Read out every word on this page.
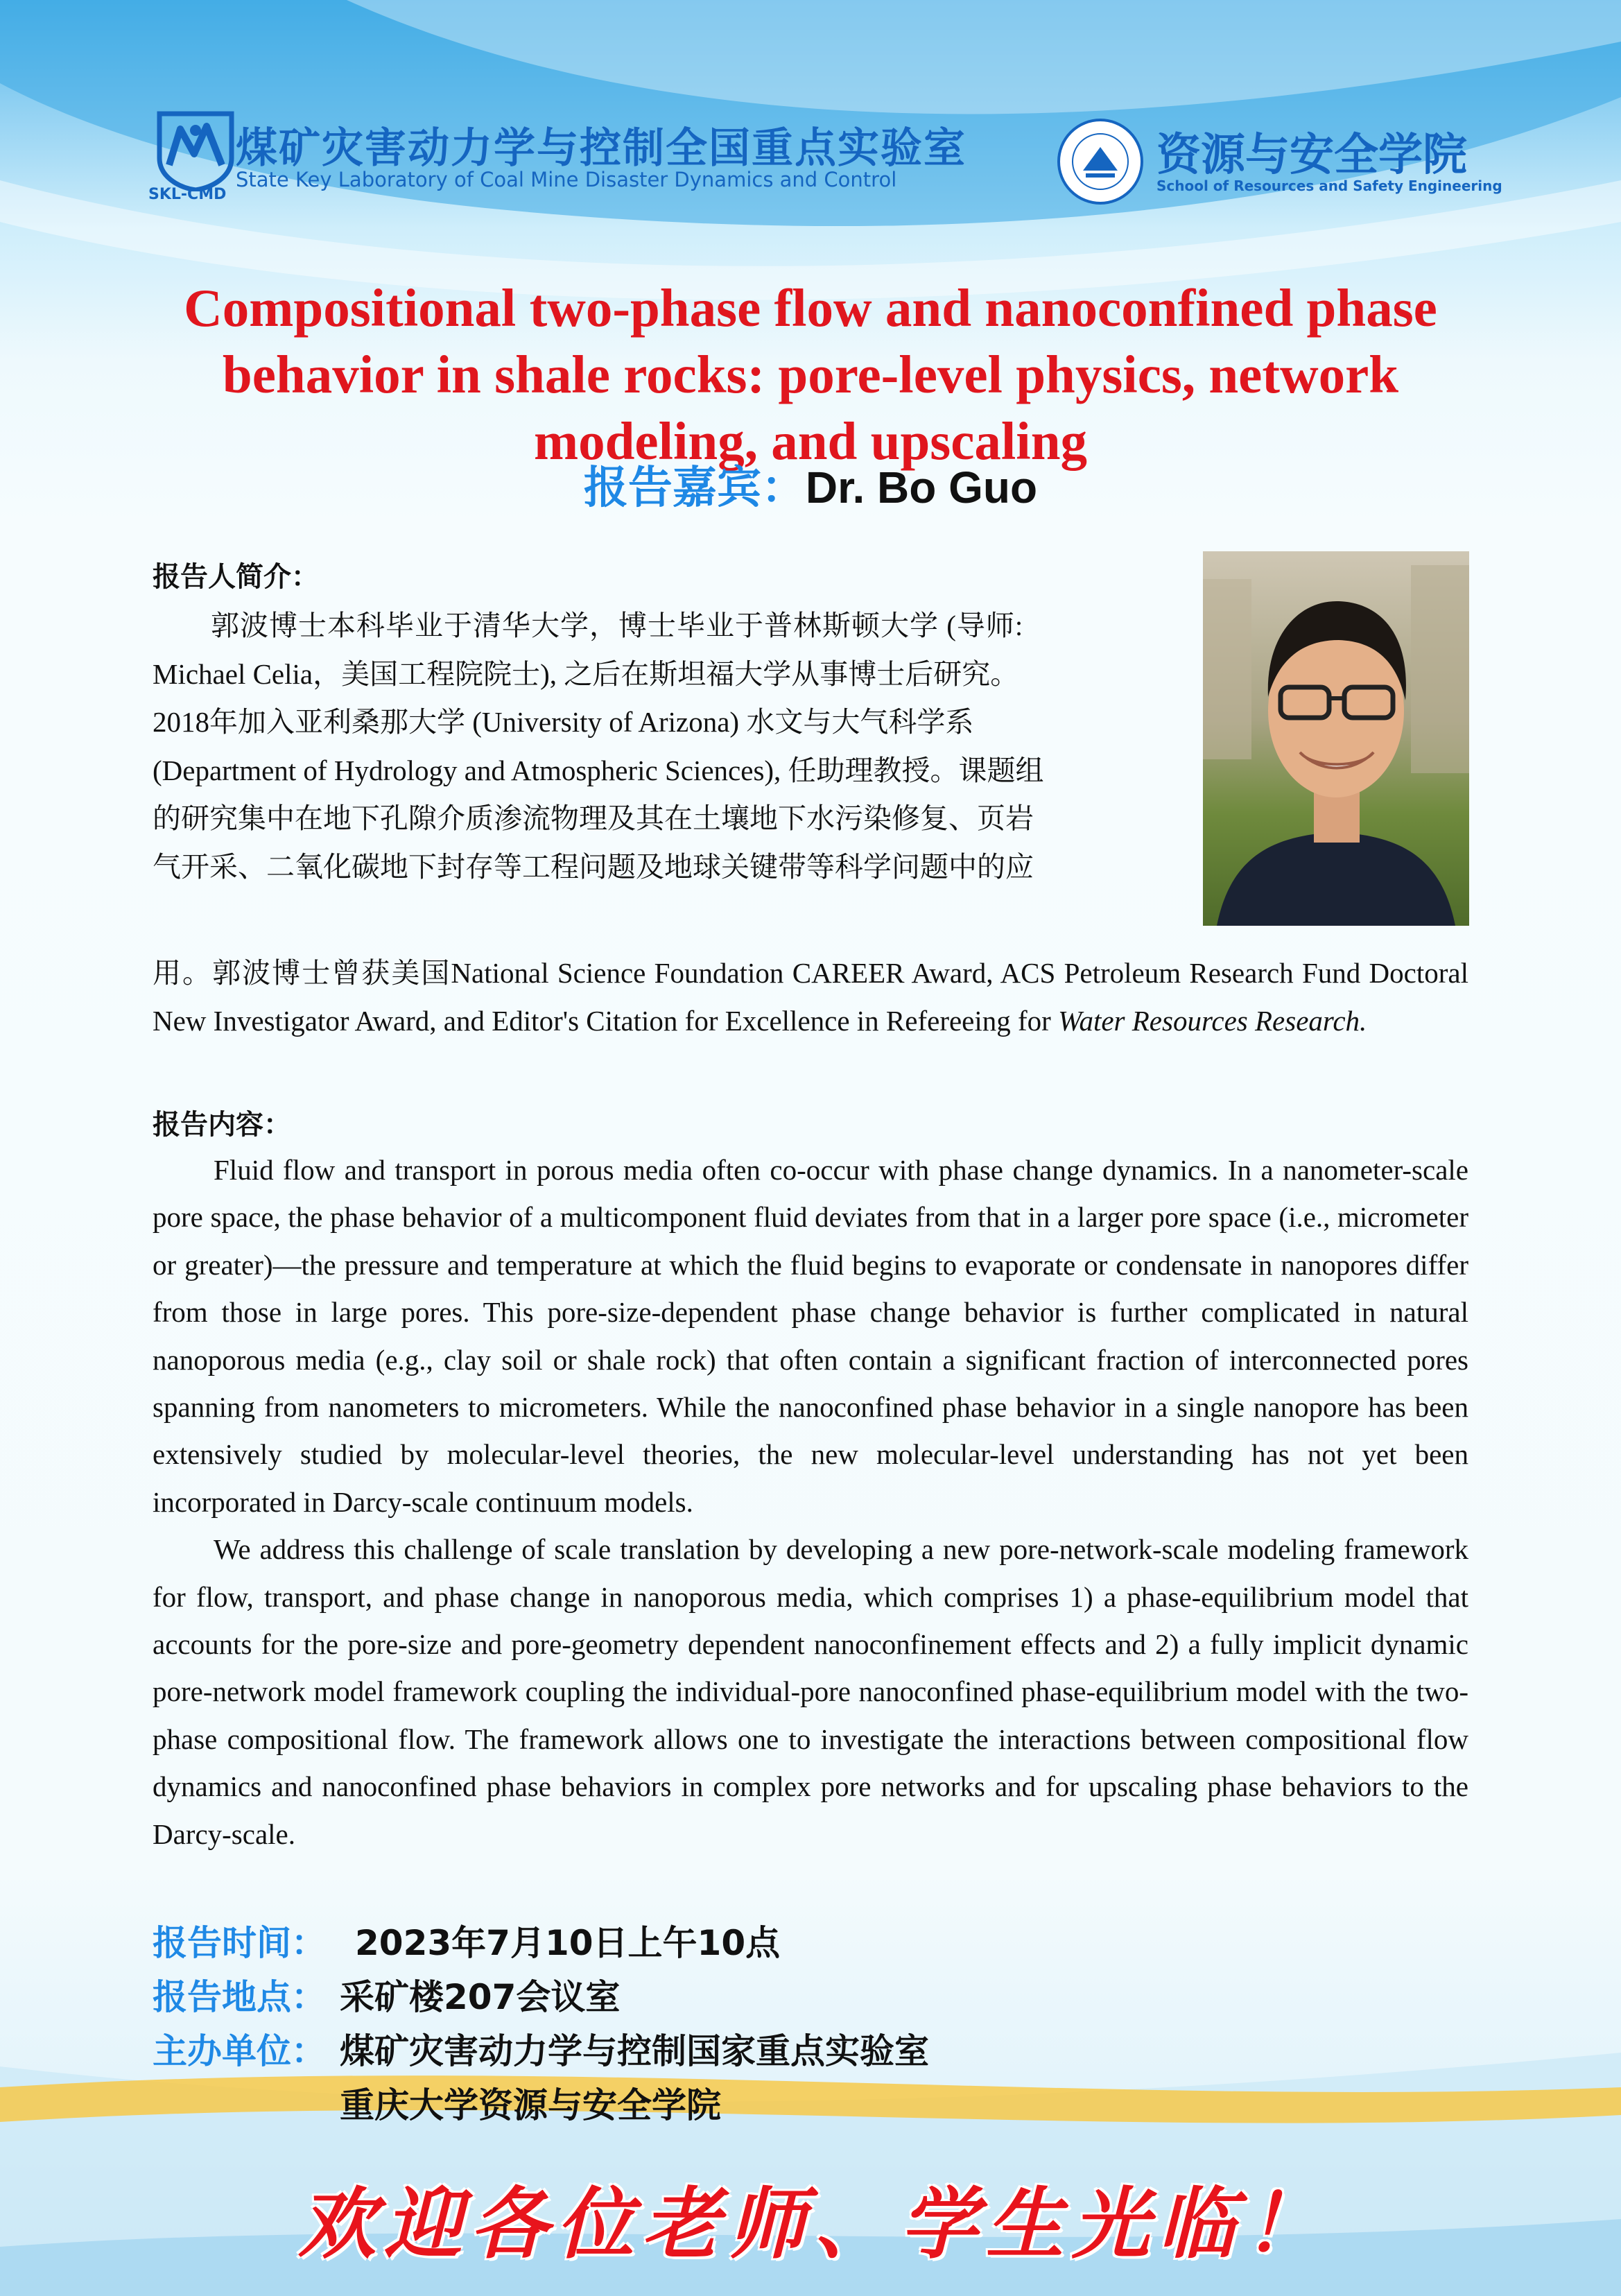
煤矿灾害动力学与控制全国重点实验室
State Key Laboratory of Coal Mine Disaster Dynamics and Control
SKL-CMD
资源与安全学院
School of Resources and Safety Engineering
Compositional two-phase flow and nanoconfined phase behavior in shale rocks: pore-level physics, network modeling, and upscaling
报告嘉宾：Dr. Bo Guo
报告人简介：
　　郭波博士本科毕业于清华大学，博士毕业于普林斯顿大学 (导师:
Michael Celia，美国工程院院士), 之后在斯坦福大学从事博士后研究。
2018年加入亚利桑那大学 (University of Arizona) 水文与大气科学系
(Department of Hydrology and Atmospheric Sciences), 任助理教授。课题组
的研究集中在地下孔隙介质渗流物理及其在土壤地下水污染修复、页岩
气开采、二氧化碳地下封存等工程问题及地球关键带等科学问题中的应
用。郭波博士曾获美国National Science Foundation CAREER Award, ACS Petroleum Research Fund Doctoral New Investigator Award, and Editor's Citation for Excellence in Refereeing for Water Resources Research.
报告内容：

Fluid flow and transport in porous media often co-occur with phase change dynamics. In a nanometer-scale pore space, the phase behavior of a multicomponent fluid deviates from that in a larger pore space (i.e., micrometer or greater)—the pressure and temperature at which the fluid begins to evaporate or condensate in nanopores differ from those in large pores. This pore-size-dependent phase change behavior is further complicated in natural nanoporous media (e.g., clay soil or shale rock) that often contain a significant fraction of interconnected pores spanning from nanometers to micrometers. While the nanoconfined phase behavior in a single nanopore has been extensively studied by molecular-level theories, the new molecular-level understanding has not yet been incorporated in Darcy-scale continuum models.

We address this challenge of scale translation by developing a new pore-network-scale modeling framework for flow, transport, and phase change in nanoporous media, which comprises 1) a phase-equilibrium model that accounts for the pore-size and pore-geometry dependent nanoconfinement effects and 2) a fully implicit dynamic pore-network model framework coupling the individual-pore nanoconfined phase-equilibrium model with the two-phase compositional flow. The framework allows one to investigate the interactions between compositional flow dynamics and nanoconfined phase behaviors in complex pore networks and for upscaling phase behaviors to the Darcy-scale.

报告时间： 2023年7月10日上午10点
报告地点： 采矿楼207会议室
主办单位： 煤矿灾害动力学与控制国家重点实验室
重庆大学资源与安全学院
欢迎各位老师、学生光临！
